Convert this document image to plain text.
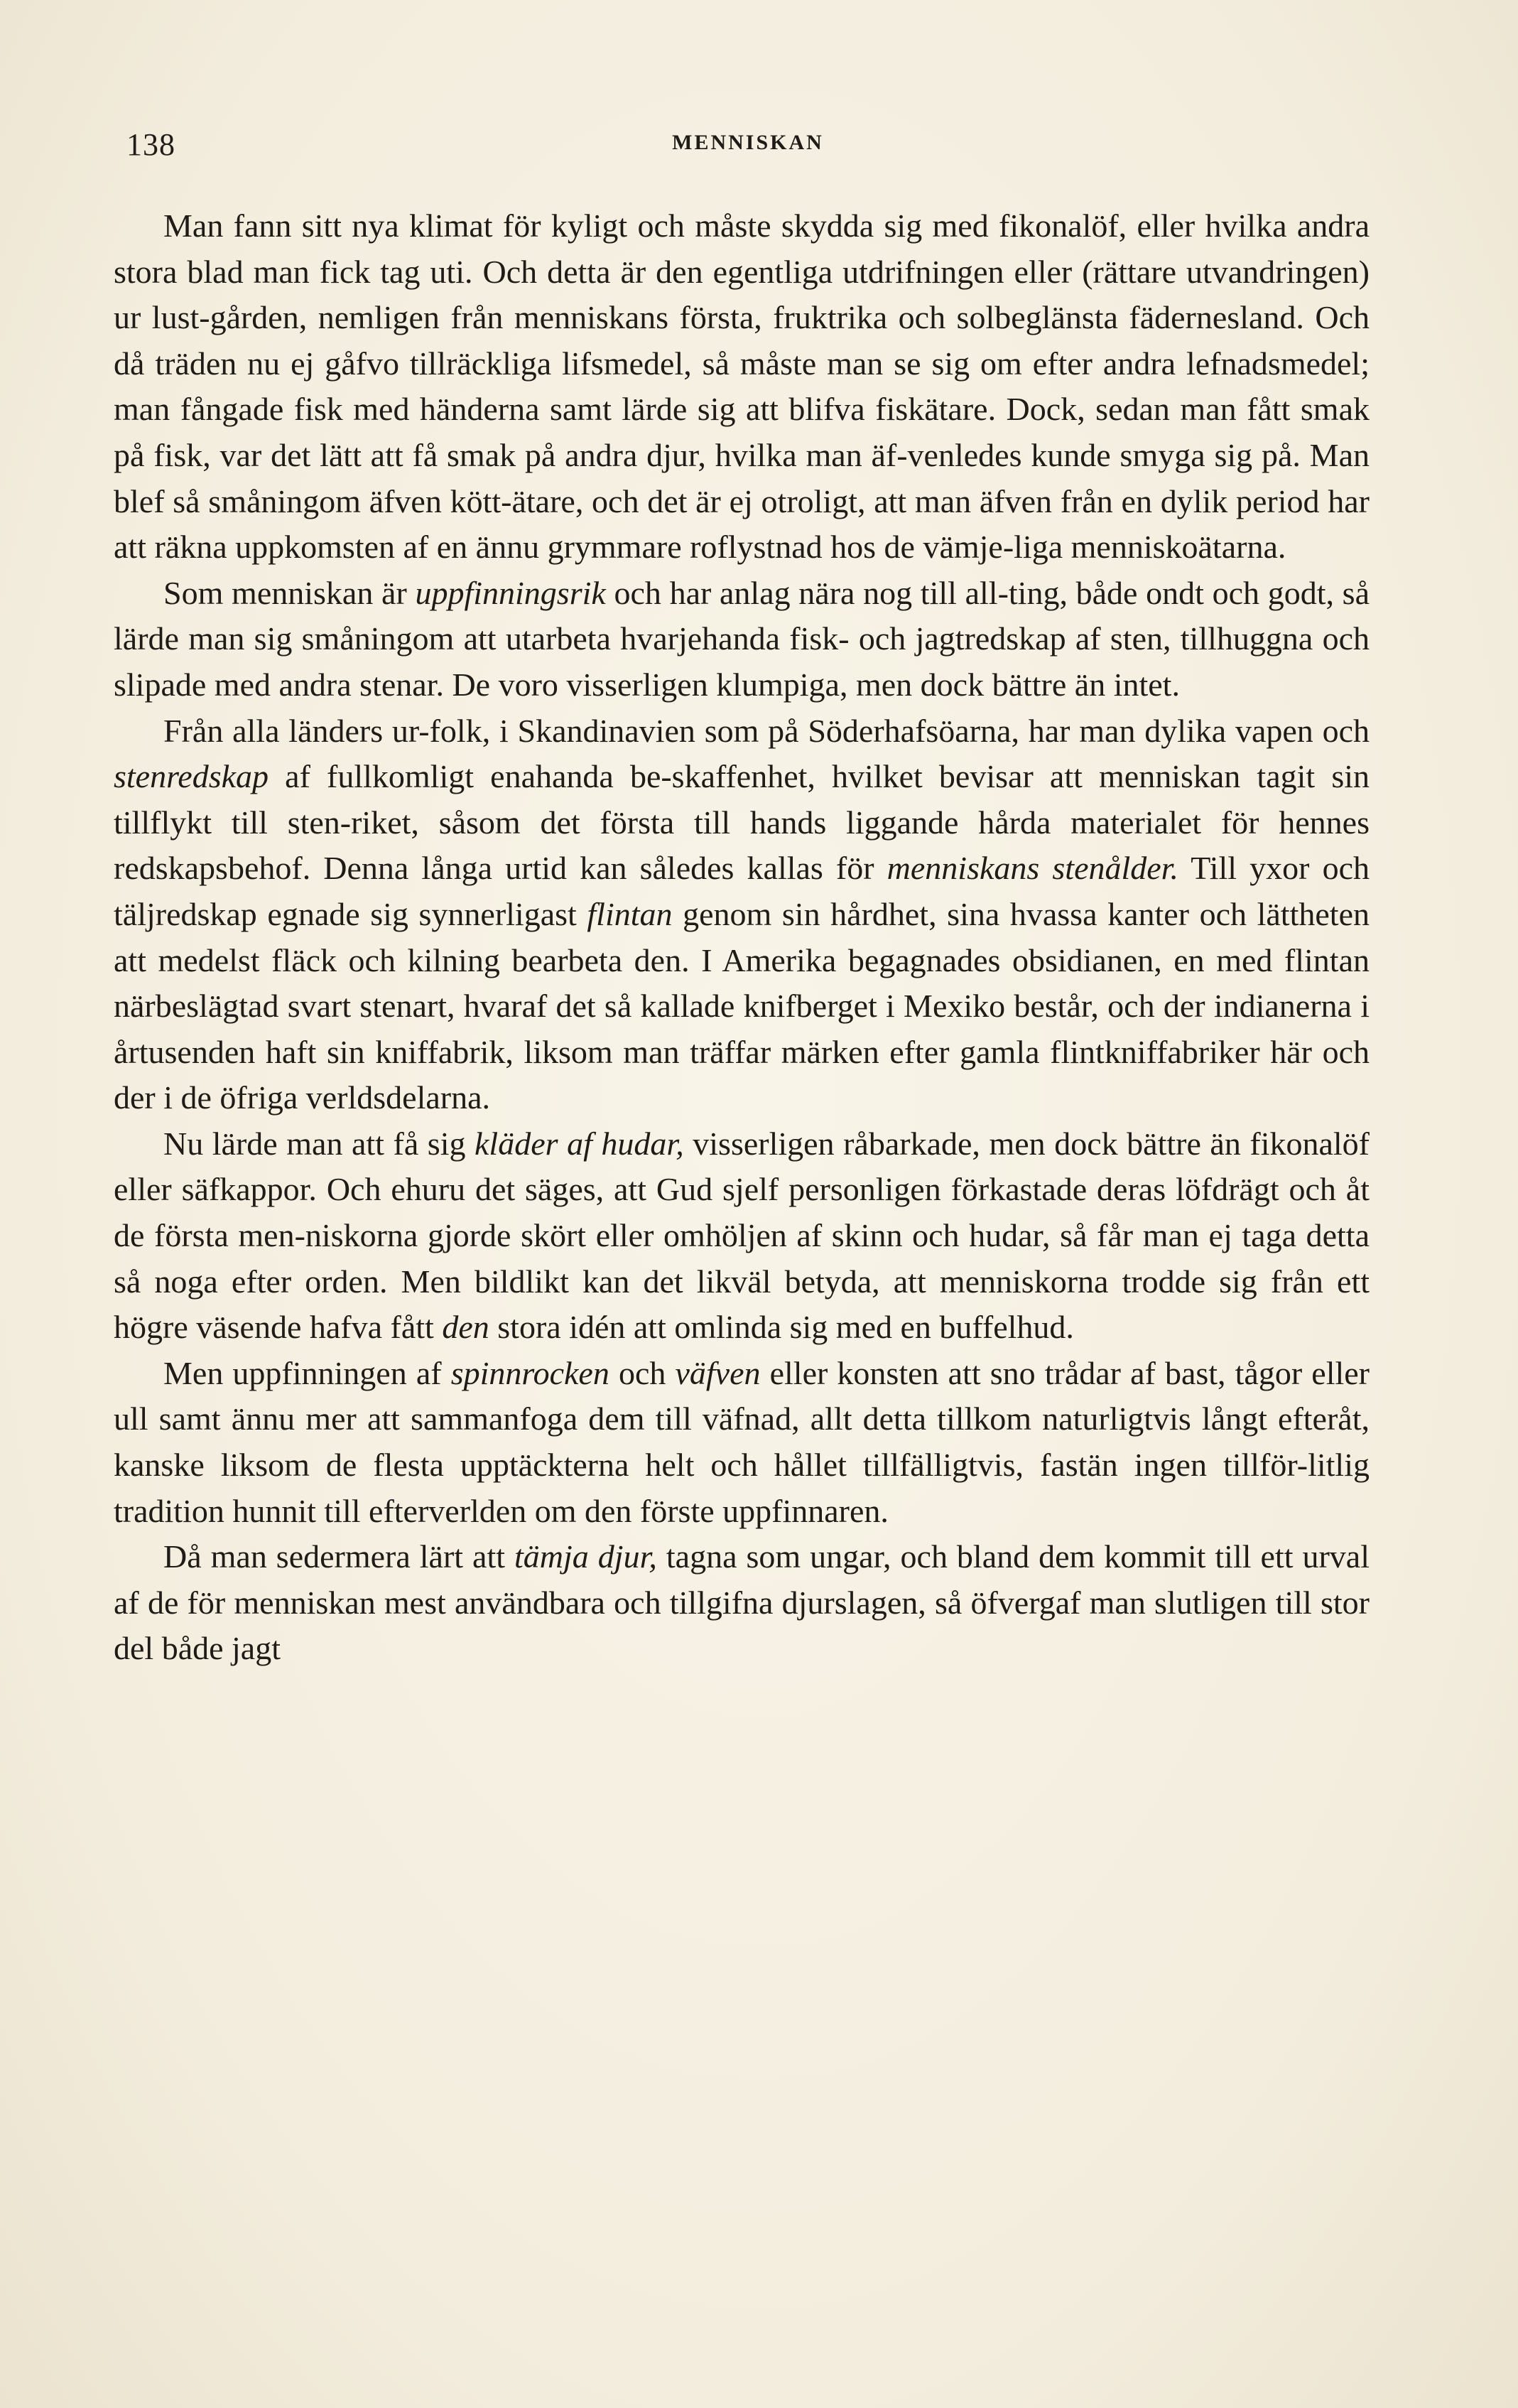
138	MENNISKAN

Man fann sitt nya klimat för kyligt och måste skydda sig med fikonalöf, eller hvilka andra stora blad man fick tag uti. Och detta är den egentliga utdrifningen eller (rättare utvandringen) ur lust-gården, nemligen från menniskans första, fruktrika och solbeglänsta fädernesland. Och då träden nu ej gåfvo tillräckliga lifsmedel, så måste man se sig om efter andra lefnadsmedel; man fångade fisk med händerna samt lärde sig att blifva fiskätare. Dock, sedan man fått smak på fisk, var det lätt att få smak på andra djur, hvilka man äf-venledes kunde smyga sig på. Man blef så småningom äfven kött-ätare, och det är ej otroligt, att man äfven från en dylik period har att räkna uppkomsten af en ännu grymmare roflystnad hos de vämje-liga menniskoätarna.

Som menniskan är uppfinningsrik och har anlag nära nog till all-ting, både ondt och godt, så lärde man sig småningom att utarbeta hvarjehanda fisk- och jagtredskap af sten, tillhuggna och slipade med andra stenar. De voro visserligen klumpiga, men dock bättre än intet.

Från alla länders ur-folk, i Skandinavien som på Söderhafsöarna, har man dylika vapen och stenredskap af fullkomligt enahanda be-skaffenhet, hvilket bevisar att menniskan tagit sin tillflykt till sten-riket, såsom det första till hands liggande hårda materialet för hennes redskapsbehof. Denna långa urtid kan således kallas för menniskans stenålder. Till yxor och täljredskap egnade sig synnerligast flintan genom sin hårdhet, sina hvassa kanter och lättheten att medelst fläck och kilning bearbeta den. I Amerika begagnades obsidianen, en med flintan närbeslägtad svart stenart, hvaraf det så kallade knifberget i Mexiko består, och der indianerna i årtusenden haft sin kniffabrik, liksom man träffar märken efter gamla flintkniffabriker här och der i de öfriga verldsdelarna.

Nu lärde man att få sig kläder af hudar, visserligen råbarkade, men dock bättre än fikonalöf eller säfkappor. Och ehuru det säges, att Gud sjelf personligen förkastade deras löfdrägt och åt de första men-niskorna gjorde skört eller omhöljen af skinn och hudar, så får man ej taga detta så noga efter orden. Men bildlikt kan det likväl betyda, att menniskorna trodde sig från ett högre väsende hafva fått den stora idén att omlinda sig med en buffelhud.

Men uppfinningen af spinnrocken och väfven eller konsten att sno trådar af bast, tågor eller ull samt ännu mer att sammanfoga dem till väfnad, allt detta tillkom naturligtvis långt efteråt, kanske liksom de flesta upptäckterna helt och hållet tillfälligtvis, fastän ingen tillför-litlig tradition hunnit till efterverlden om den förste uppfinnaren.

Då man sedermera lärt att tämja djur, tagna som ungar, och bland dem kommit till ett urval af de för menniskan mest användbara och tillgifna djurslagen, så öfvergaf man slutligen till stor del både jagt
